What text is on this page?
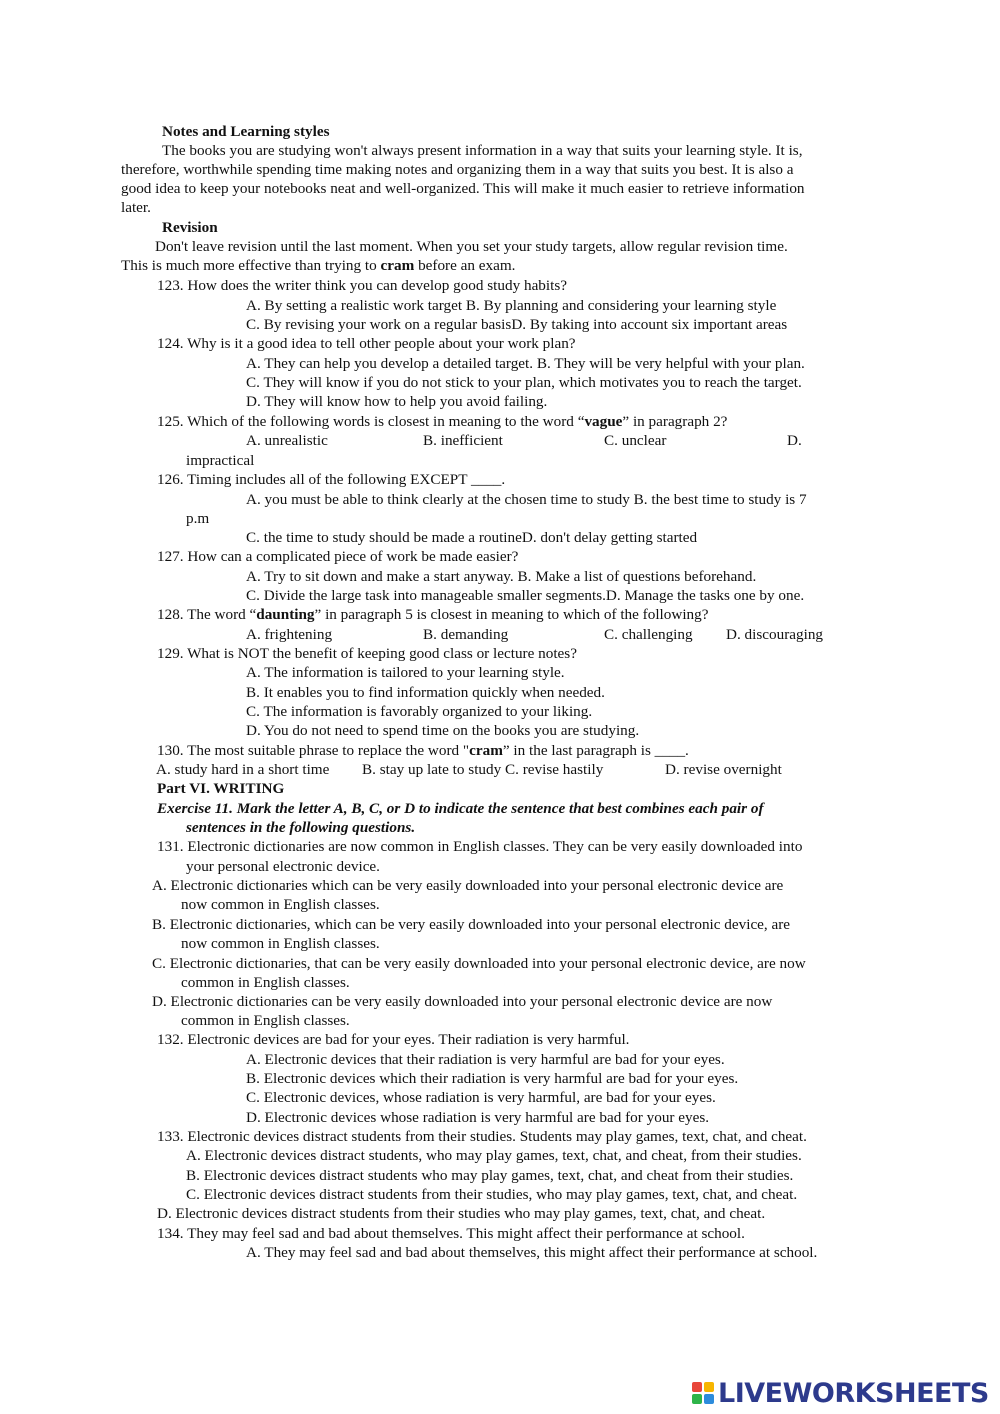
Notes and Learning styles
The books you are studying won't always present information in a way that suits your learning style. It is,
therefore, worthwhile spending time making notes and organizing them in a way that suits you best. It is also a
good idea to keep your notebooks neat and well-organized. This will make it much easier to retrieve information
later.
Revision
Don't leave revision until the last moment. When you set your study targets, allow regular revision time.
This is much more effective than trying to cram before an exam.
123. How does the writer think you can develop good study habits?
A. By setting a realistic work target B. By planning and considering your learning style
C. By revising your work on a regular basisD. By taking into account six important areas
124. Why is it a good idea to tell other people about your work plan?
A. They can help you develop a detailed target. B. They will be very helpful with your plan.
C. They will know if you do not stick to your plan, which motivates you to reach the target.
D. They will know how to help you avoid failing.
125. Which of the following words is closest in meaning to the word “vague” in paragraph 2?
A. unrealistic	B. inefficient	C. unclear	D.
impractical
126. Timing includes all of the following EXCEPT ____.
A. you must be able to think clearly at the chosen time to study B. the best time to study is 7
p.m
C. the time to study should be made a routineD. don't delay getting started
127. How can a complicated piece of work be made easier?
A. Try to sit down and make a start anyway. B. Make a list of questions beforehand.
C. Divide the large task into manageable smaller segments.D. Manage the tasks one by one.
128. The word “daunting” in paragraph 5 is closest in meaning to which of the following?
A. frightening	B. demanding	C. challenging D. discouraging
129. What is NOT the benefit of keeping good class or lecture notes?
A. The information is tailored to your learning style.
B. It enables you to find information quickly when needed.
C. The information is favorably organized to your liking.
D. You do not need to spend time on the books you are studying.
130. The most suitable phrase to replace the word "cram” in the last paragraph is ____.
A. study hard in a short time B. stay up late to study C. revise hastily	D. revise overnight
Part VI. WRITING
Exercise 11. Mark the letter A, B, C, or D to indicate the sentence that best combines each pair of
sentences in the following questions.
131. Electronic dictionaries are now common in English classes. They can be very easily downloaded into
your personal electronic device.
A. Electronic dictionaries which can be very easily downloaded into your personal electronic device are
now common in English classes.
B. Electronic dictionaries, which can be very easily downloaded into your personal electronic device, are
now common in English classes.
C. Electronic dictionaries, that can be very easily downloaded into your personal electronic device, are now
common in English classes.
D. Electronic dictionaries can be very easily downloaded into your personal electronic device are now
common in English classes.
132. Electronic devices are bad for your eyes. Their radiation is very harmful.
A. Electronic devices that their radiation is very harmful are bad for your eyes.
B. Electronic devices which their radiation is very harmful are bad for your eyes.
C. Electronic devices, whose radiation is very harmful, are bad for your eyes.
D. Electronic devices whose radiation is very harmful are bad for your eyes.
133. Electronic devices distract students from their studies. Students may play games, text, chat, and cheat.
A. Electronic devices distract students, who may play games, text, chat, and cheat, from their studies.
B. Electronic devices distract students who may play games, text, chat, and cheat from their studies.
C. Electronic devices distract students from their studies, who may play games, text, chat, and cheat.
D. Electronic devices distract students from their studies who may play games, text, chat, and cheat.
134. They may feel sad and bad about themselves. This might affect their performance at school.
A. They may feel sad and bad about themselves, this might affect their performance at school.
LIVEWORKSHEETS
